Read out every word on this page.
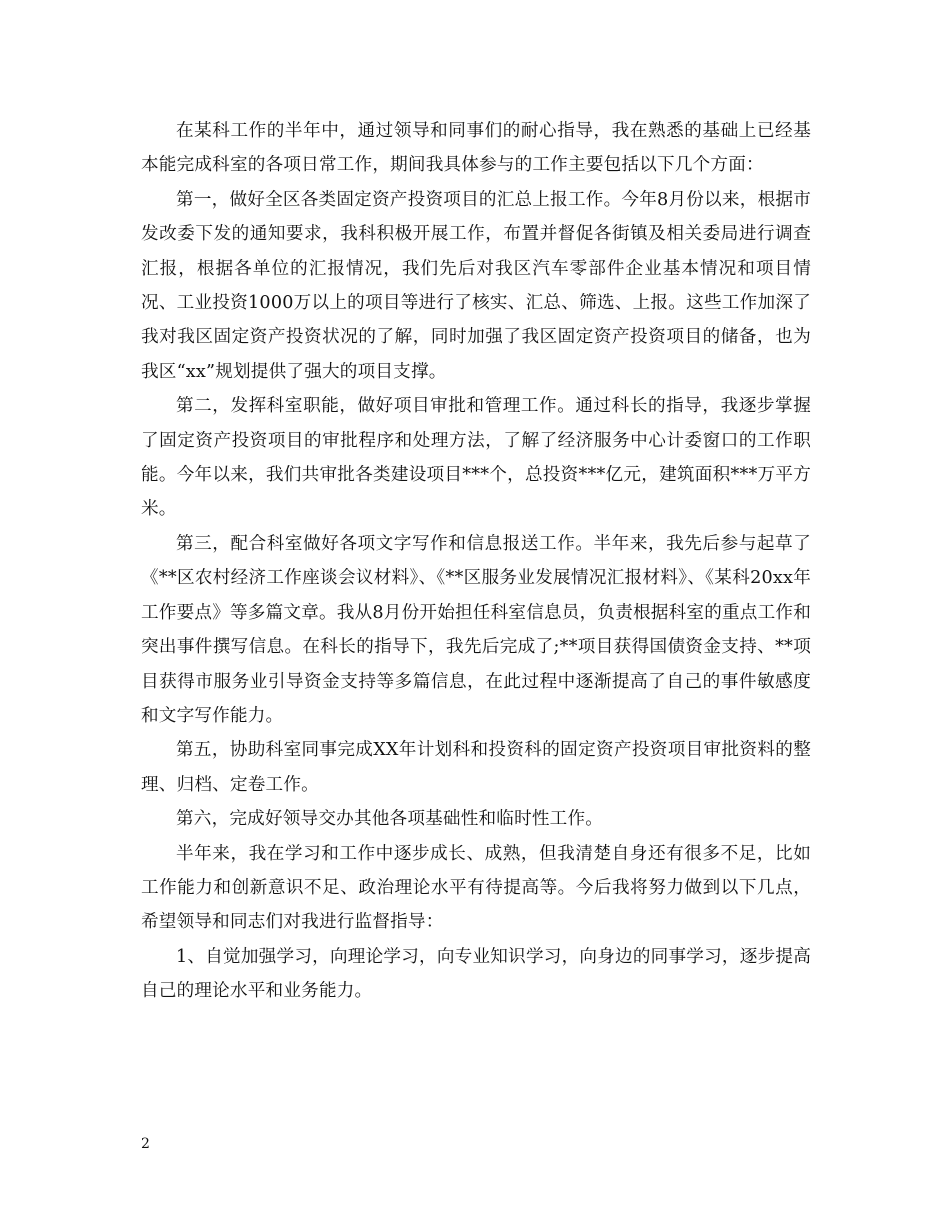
在某科工作的半年中，通过领导和同事们的耐心指导，我在熟悉的基础上已经基本能完成科室的各项日常工作，期间我具体参与的工作主要包括以下几个方面：

第一，做好全区各类固定资产投资项目的汇总上报工作。今年8月份以来，根据市发改委下发的通知要求，我科积极开展工作，布置并督促各街镇及相关委局进行调查汇报，根据各单位的汇报情况，我们先后对我区汽车零部件企业基本情况和项目情况、工业投资1000万以上的项目等进行了核实、汇总、筛选、上报。这些工作加深了我对我区固定资产投资状况的了解，同时加强了我区固定资产投资项目的储备，也为我区“xx”规划提供了强大的项目支撑。

第二，发挥科室职能，做好项目审批和管理工作。通过科长的指导，我逐步掌握了固定资产投资项目的审批程序和处理方法，了解了经济服务中心计委窗口的工作职能。今年以来，我们共审批各类建设项目***个，总投资***亿元，建筑面积***万平方米。

第三，配合科室做好各项文字写作和信息报送工作。半年来，我先后参与起草了《**区农村经济工作座谈会议材料》、《**区服务业发展情况汇报材料》、《某科20xx年工作要点》等多篇文章。我从8月份开始担任科室信息员，负责根据科室的重点工作和突出事件撰写信息。在科长的指导下，我先后完成了;**项目获得国债资金支持、**项目获得市服务业引导资金支持等多篇信息，在此过程中逐渐提高了自己的事件敏感度和文字写作能力。

第五，协助科室同事完成XX年计划科和投资科的固定资产投资项目审批资料的整理、归档、定卷工作。

第六，完成好领导交办其他各项基础性和临时性工作。

半年来，我在学习和工作中逐步成长、成熟，但我清楚自身还有很多不足，比如工作能力和创新意识不足、政治理论水平有待提高等。今后我将努力做到以下几点，希望领导和同志们对我进行监督指导：

1、自觉加强学习，向理论学习，向专业知识学习，向身边的同事学习，逐步提高自己的理论水平和业务能力。

2
